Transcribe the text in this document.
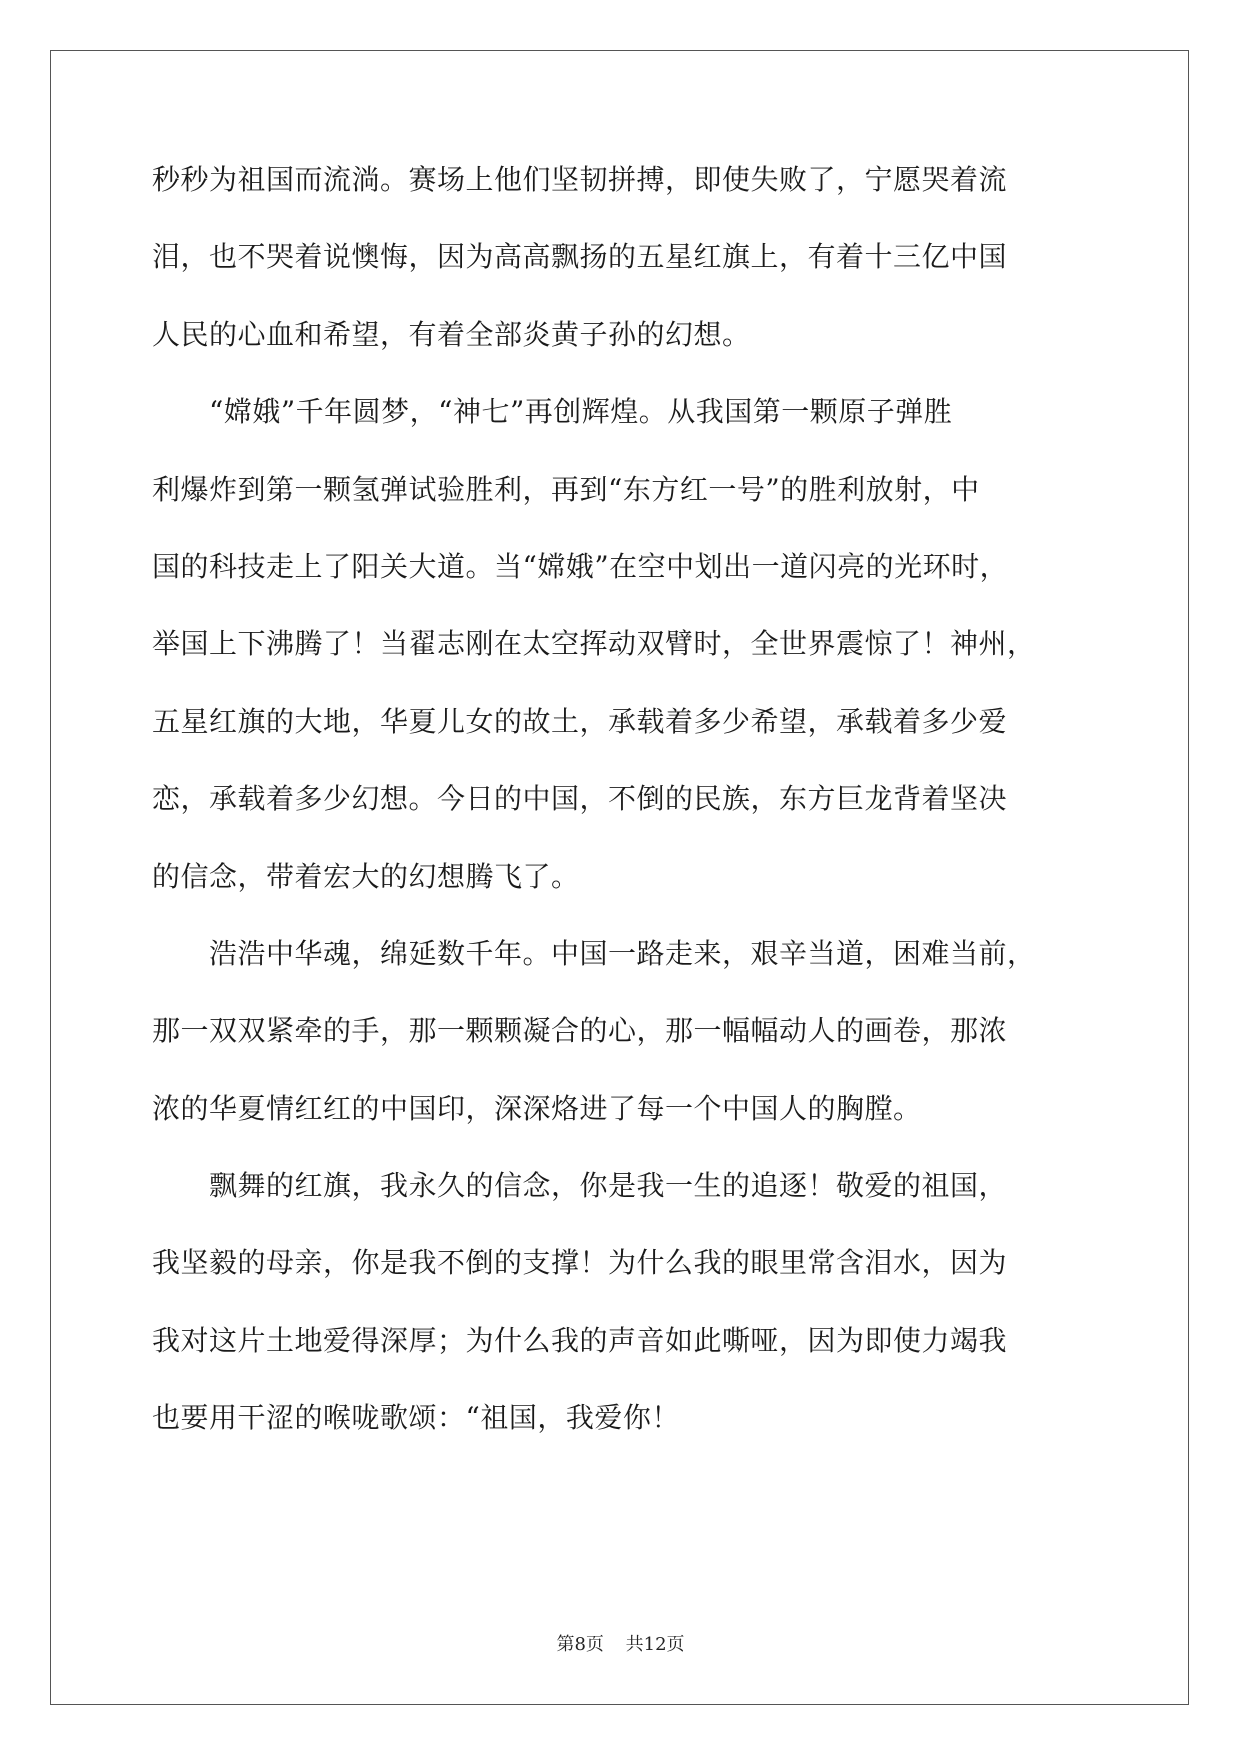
秒秒为祖国而流淌。赛场上他们坚韧拼搏，即使失败了，宁愿哭着流
泪，也不哭着说懊悔，因为高高飘扬的五星红旗上，有着十三亿中国
人民的心血和希望，有着全部炎黄子孙的幻想。
　　“嫦娥”千年圆梦，“神七”再创辉煌。从我国第一颗原子弹胜
利爆炸到第一颗氢弹试验胜利，再到“东方红一号”的胜利放射，中
国的科技走上了阳关大道。当“嫦娥”在空中划出一道闪亮的光环时，
举国上下沸腾了！当翟志刚在太空挥动双臂时，全世界震惊了！神州，
五星红旗的大地，华夏儿女的故土，承载着多少希望，承载着多少爱
恋，承载着多少幻想。今日的中国，不倒的民族，东方巨龙背着坚决
的信念，带着宏大的幻想腾飞了。
　　浩浩中华魂，绵延数千年。中国一路走来，艰辛当道，困难当前，
那一双双紧牵的手，那一颗颗凝合的心，那一幅幅动人的画卷，那浓
浓的华夏情红红的中国印，深深烙进了每一个中国人的胸膛。
　　飘舞的红旗，我永久的信念，你是我一生的追逐！敬爱的祖国，
我坚毅的母亲，你是我不倒的支撑！为什么我的眼里常含泪水，因为
我对这片土地爱得深厚；为什么我的声音如此嘶哑，因为即使力竭我
也要用干涩的喉咙歌颂：“祖国，我爱你！
第8页 共12页
